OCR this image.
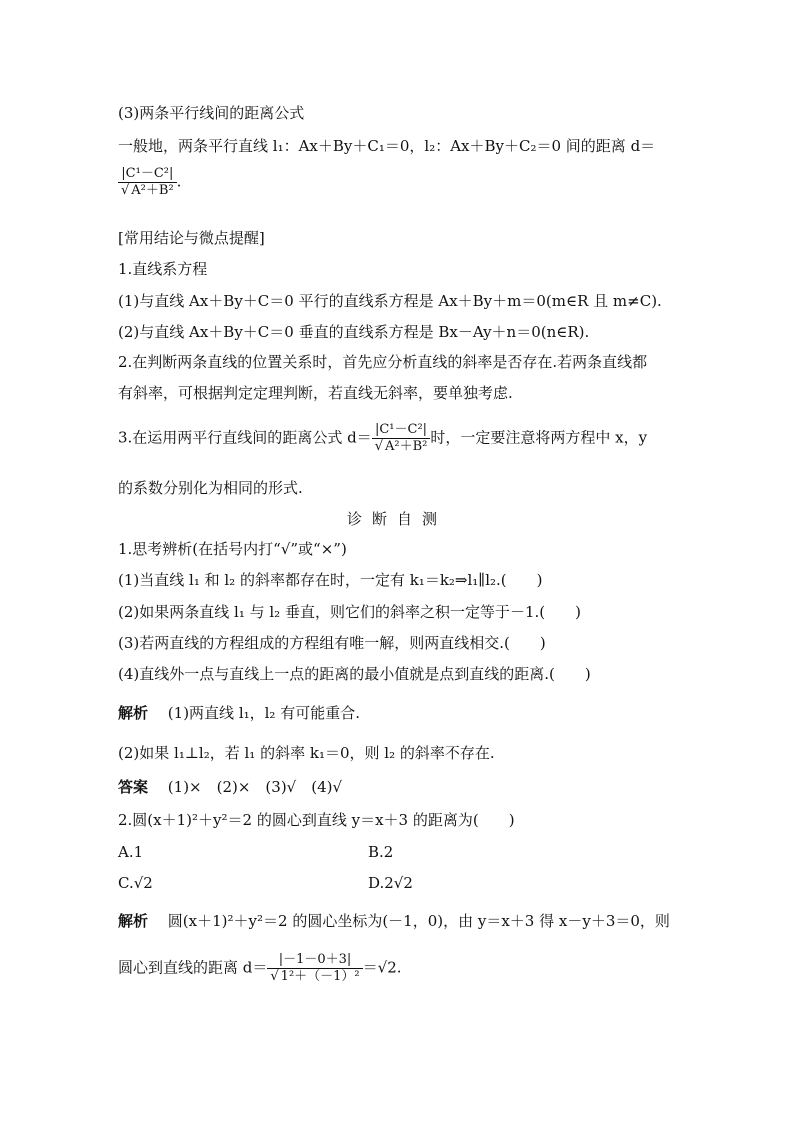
(3)两条平行线间的距离公式
一般地，两条平行直线 l₁：Ax＋By＋C₁＝0，l₂：Ax＋By＋C₂＝0 间的距离 d＝
$\frac{\text{|C¹－C²|}}{\text{√ A²＋B²}}$ .
[常用结论与微点提醒]
1.直线系方程
(1)与直线 Ax＋By＋C＝0 平行的直线系方程是 Ax＋By＋m＝0(m∈R 且 m≠C).
(2)与直线 Ax＋By＋C＝0 垂直的直线系方程是 Bx－Ay＋n＝0(n∈R).
2.在判断两条直线的位置关系时，首先应分析直线的斜率是否存在.若两条直线都
有斜率，可根据判定定理判断，若直线无斜率，要单独考虑.
3.在运用两平行直线间的距离公式 $d= \frac{\text{|C¹－C²|}}{\text{√ A²＋B²}}$ 时，一定要注意将两方程中 x，y
的系数分别化为相同的形式.
诊断自测
1.思考辨析(在括号内打“√”或“×”)
(1)当直线 l₁ 和 l₂ 的斜率都存在时，一定有 k₁＝k₂⇒l₁∥l₂.(　　)
(2)如果两条直线 l₁ 与 l₂ 垂直，则它们的斜率之积一定等于－1.(　　)
(3)若两直线的方程组成的方程组有唯一解，则两直线相交.(　　)
(4)直线外一点与直线上一点的距离的最小值就是点到直线的距离.(　　)
解析　 (1)两直线 l₁，l₂ 有可能重合.
(2)如果 l₁⊥l₂，若 l₁ 的斜率 k₁＝0，则 l₂ 的斜率不存在.
答案　 (1)×　(2)×　(3)√　(4)√
2.圆(x＋1)²＋y²＝2 的圆心到直线 y＝x＋3 的距离为(　　)
A.1	B.2
C.√2	D.2√2
解析　 圆(x＋1)²＋y²＝2 的圆心坐标为(－1，0)，由 y＝x＋3 得 x－y＋3＝0，则
圆心到直线的距离 $d= \frac{|-1-0+3|}{\text{√ 1²＋（－1）²}} =√2$.
